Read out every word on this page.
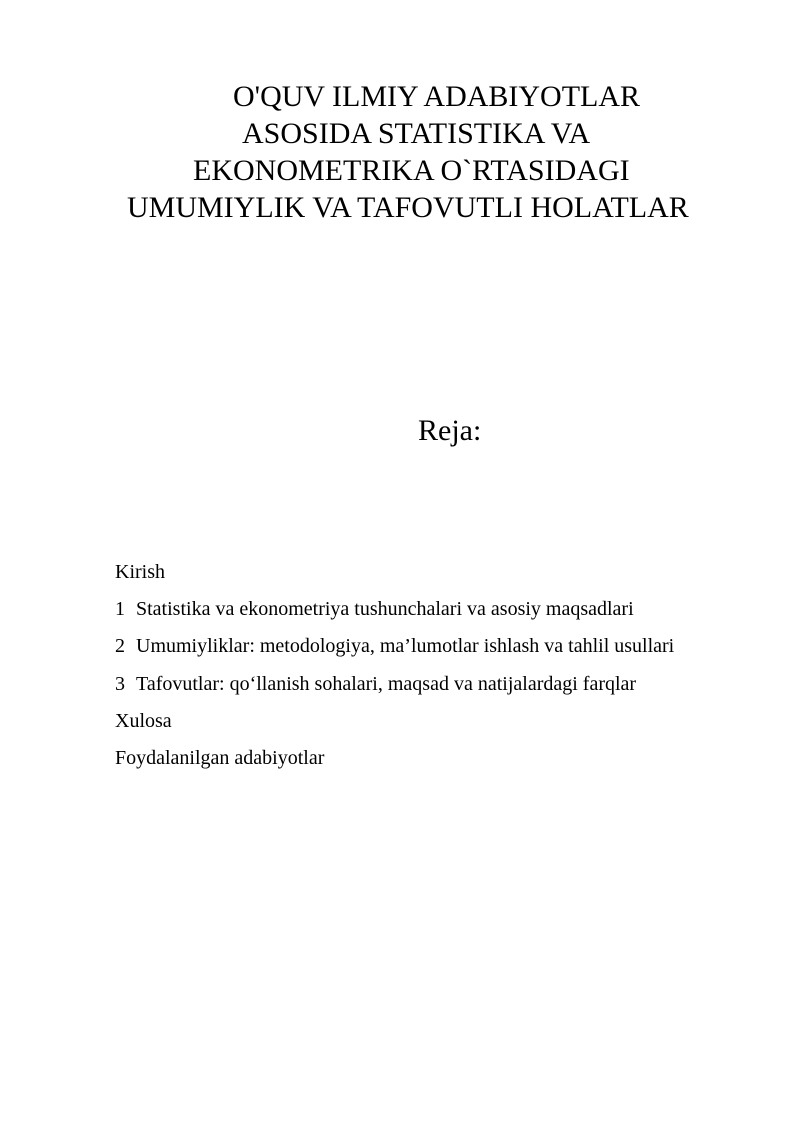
O'QUV ILMIY ADABIYOTLAR
ASOSIDA STATISTIKA VA
EKONOMETRIKA O`RTASIDAGI
UMUMIYLIK VA TAFOVUTLI HOLATLAR
Reja:
Kirish
1 Statistika va ekonometriya tushunchalari va asosiy maqsadlari
2 Umumiyliklar: metodologiya, ma’lumotlar ishlash va tahlil usullari
3 Tafovutlar: qo‘llanish sohalari, maqsad va natijalardagi farqlar
Xulosa
Foydalanilgan adabiyotlar
